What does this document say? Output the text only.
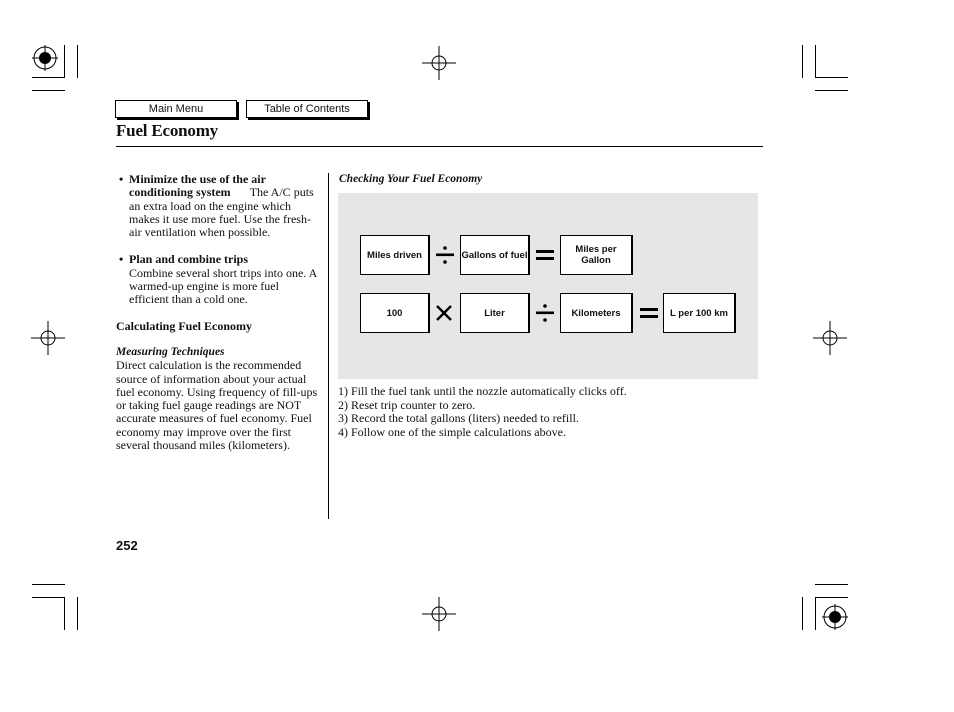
Main Menu	Table of Contents
Fuel Economy
• Minimize the use of the air
conditioning system The A/C puts an extra load on the engine which makes it use more fuel. Use the fresh-air ventilation when possible.
• Plan and combine trips
Combine several short trips into one. A warmed-up engine is more fuel efficient than a cold one.
Calculating Fuel Economy
Measuring Techniques
Direct calculation is the recommended source of information about your actual fuel economy. Using frequency of fill-ups or taking fuel gauge readings are NOT accurate measures of fuel economy. Fuel economy may improve over the first several thousand miles (kilometers).
Checking Your Fuel Economy
Miles driven	Gallons of fuel	Miles per Gallon
100	Liter	Kilometers	L per 100 km
1) Fill the fuel tank until the nozzle automatically clicks off.
2) Reset trip counter to zero.
3) Record the total gallons (liters) needed to refill.
4) Follow one of the simple calculations above.
252
